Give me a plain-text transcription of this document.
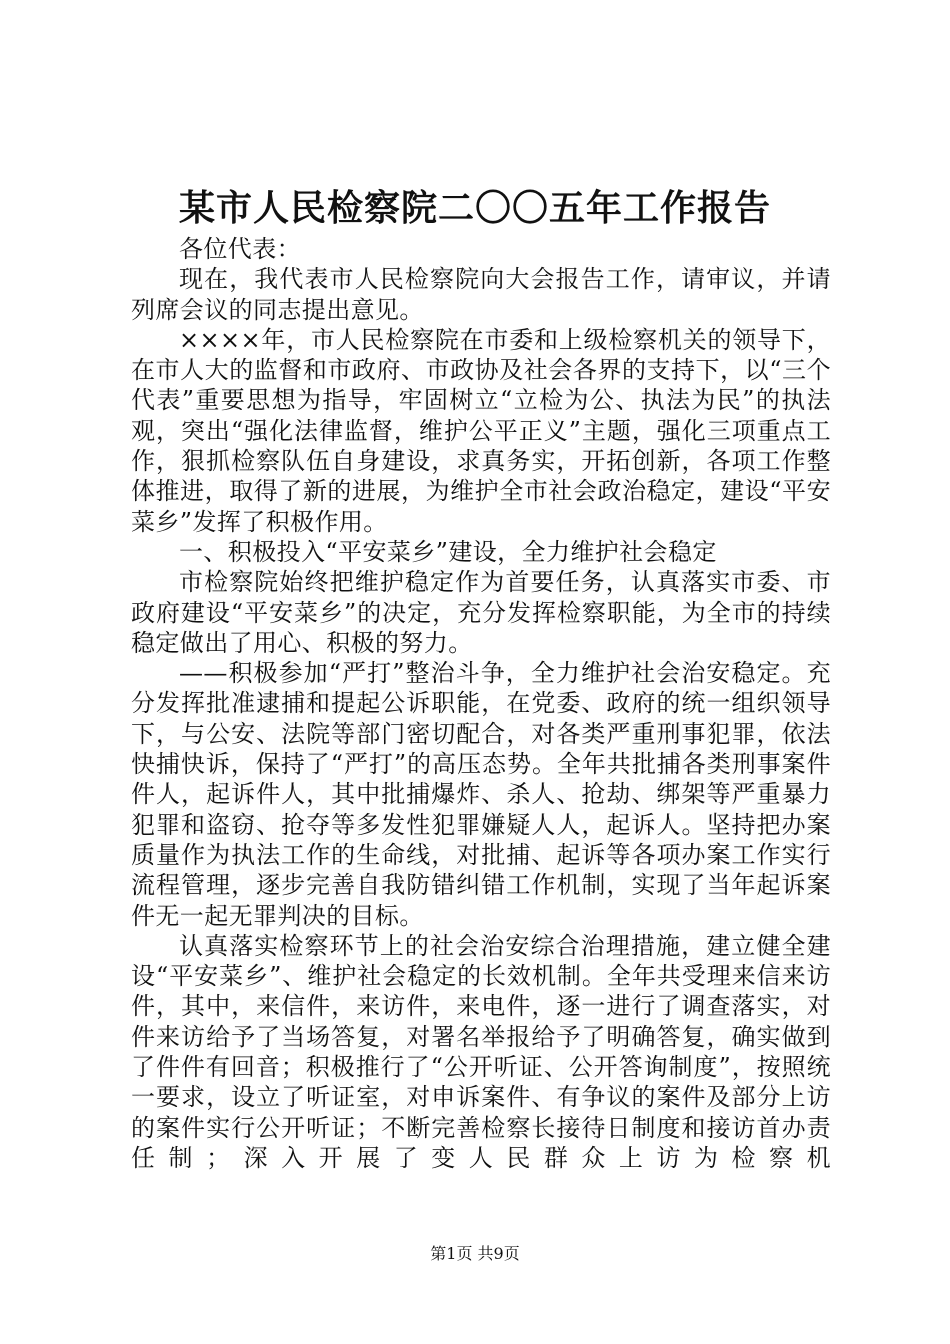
某市人民检察院二〇〇五年工作报告

各位代表：

现在，我代表市人民检察院向大会报告工作，请审议，并请列席会议的同志提出意见。

××××年，市人民检察院在市委和上级检察机关的领导下，在市人大的监督和市政府、市政协及社会各界的支持下，以“三个代表”重要思想为指导，牢固树立“立检为公、执法为民”的执法观，突出“强化法律监督，维护公平正义”主题，强化三项重点工作，狠抓检察队伍自身建设，求真务实，开拓创新，各项工作整体推进，取得了新的进展，为维护全市社会政治稳定，建设“平安菜乡”发挥了积极作用。

一、积极投入“平安菜乡”建设，全力维护社会稳定

市检察院始终把维护稳定作为首要任务，认真落实市委、市政府建设“平安菜乡”的决定，充分发挥检察职能，为全市的持续稳定做出了用心、积极的努力。

——积极参加“严打”整治斗争，全力维护社会治安稳定。充分发挥批准逮捕和提起公诉职能，在党委、政府的统一组织领导下，与公安、法院等部门密切配合，对各类严重刑事犯罪，依法快捕快诉，保持了“严打”的高压态势。全年共批捕各类刑事案件件人，起诉件人，其中批捕爆炸、杀人、抢劫、绑架等严重暴力犯罪和盗窃、抢夺等多发性犯罪嫌疑人人，起诉人。坚持把办案质量作为执法工作的生命线，对批捕、起诉等各项办案工作实行流程管理，逐步完善自我防错纠错工作机制，实现了当年起诉案件无一起无罪判决的目标。

认真落实检察环节上的社会治安综合治理措施，建立健全建设“平安菜乡”、维护社会稳定的长效机制。全年共受理来信来访件，其中，来信件，来访件，来电件，逐一进行了调查落实，对件来访给予了当场答复，对署名举报给予了明确答复，确实做到了件件有回音；积极推行了“公开听证、公开答询制度”，按照统一要求，设立了听证室，对申诉案件、有争议的案件及部分上访的案件实行公开听证；不断完善检察长接待日制度和接访首办责任制；深入开展了变人民群众上访为检察机

第1页 共9页
